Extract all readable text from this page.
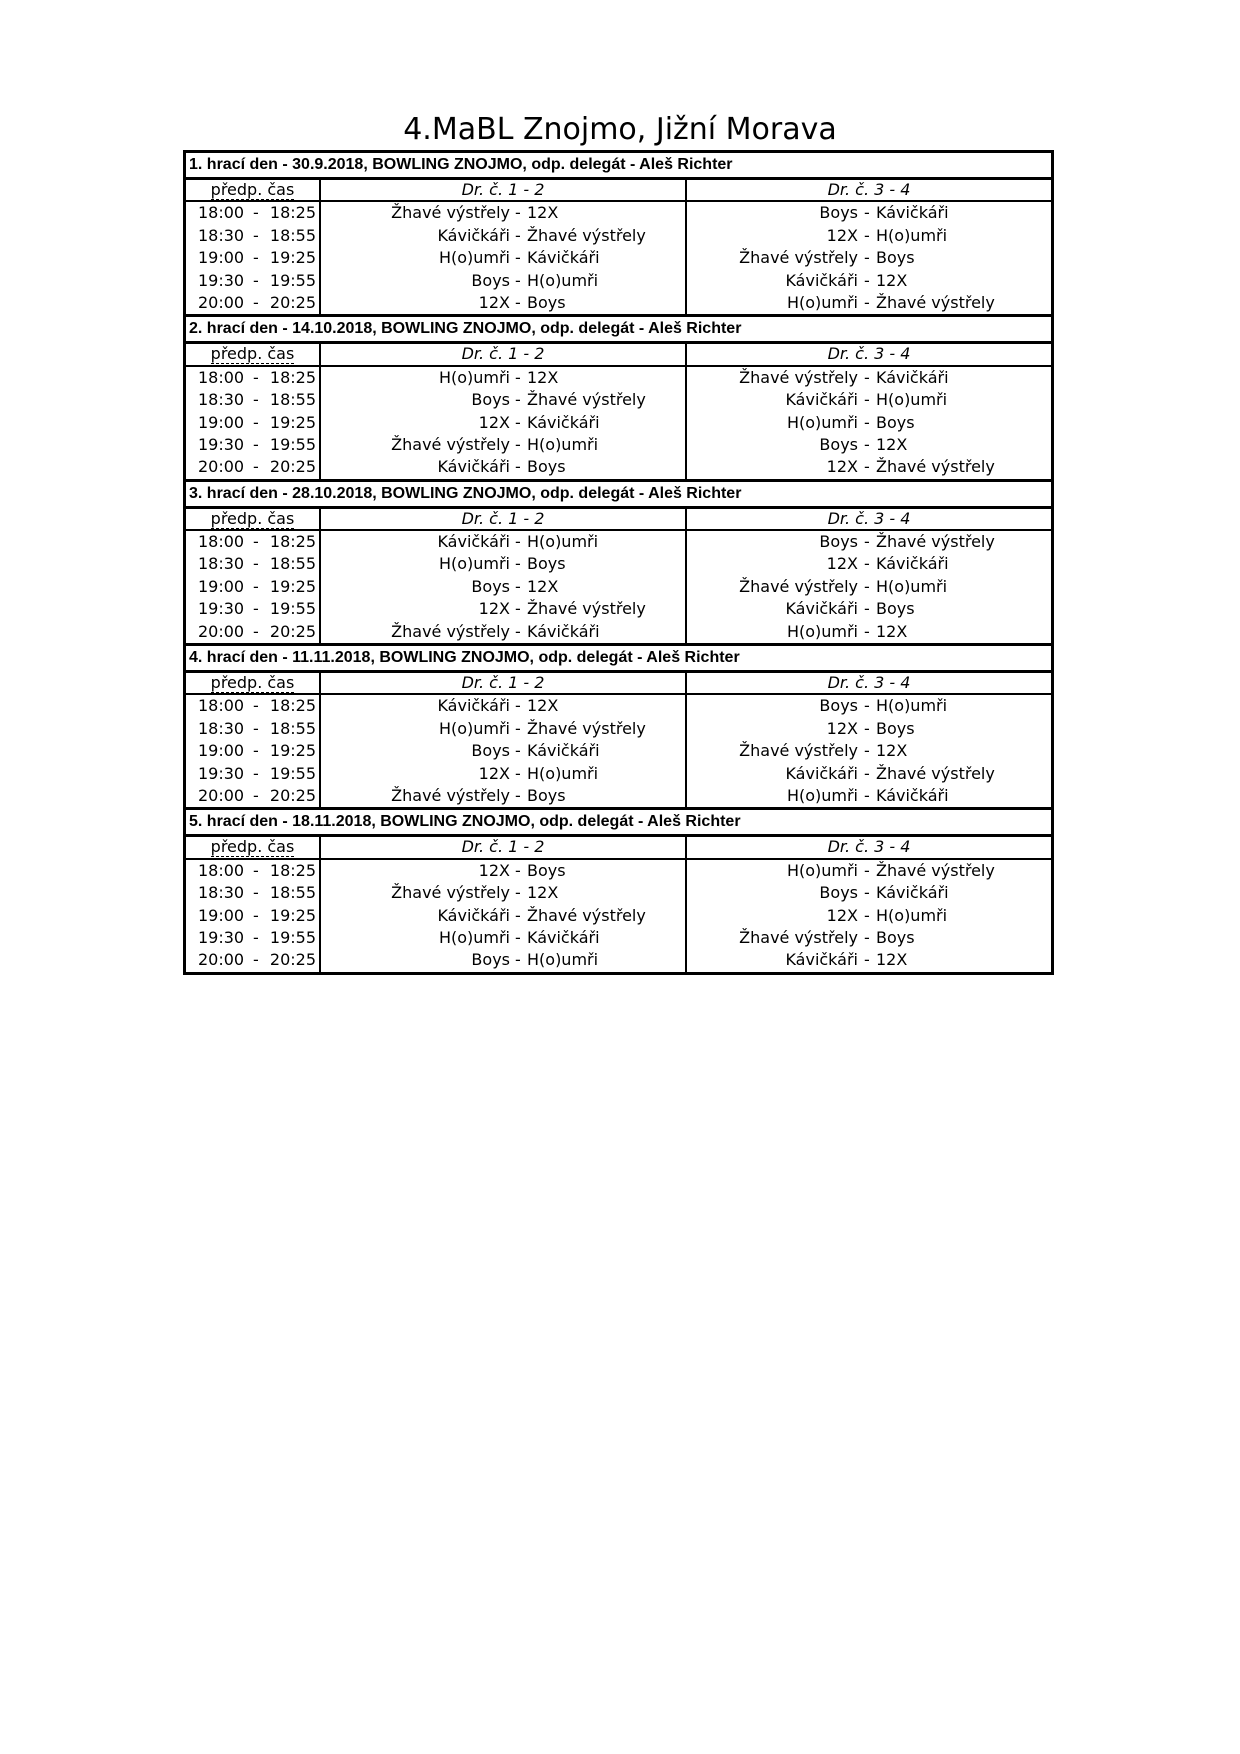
4.MaBL Znojmo, Jižní Morava
1. hrací den - 30.9.2018, BOWLING ZNOJMO, odp. delegát - Aleš Richter
předp. čas	Dr. č. 1 - 2	Dr. č. 3 - 4
18:00 - 18:25	Žhavé výstřely - 12X	Boys - Kávičkáři
18:30 - 18:55	Kávičkáři - Žhavé výstřely	12X - H(o)umři
19:00 - 19:25	H(o)umři - Kávičkáři	Žhavé výstřely - Boys
19:30 - 19:55	Boys - H(o)umři	Kávičkáři - 12X
20:00 - 20:25	12X - Boys	H(o)umři - Žhavé výstřely
2. hrací den - 14.10.2018, BOWLING ZNOJMO, odp. delegát - Aleš Richter
předp. čas	Dr. č. 1 - 2	Dr. č. 3 - 4
18:00 - 18:25	H(o)umři - 12X	Žhavé výstřely - Kávičkáři
18:30 - 18:55	Boys - Žhavé výstřely	Kávičkáři - H(o)umři
19:00 - 19:25	12X - Kávičkáři	H(o)umři - Boys
19:30 - 19:55	Žhavé výstřely - H(o)umři	Boys - 12X
20:00 - 20:25	Kávičkáři - Boys	12X - Žhavé výstřely
3. hrací den - 28.10.2018, BOWLING ZNOJMO, odp. delegát - Aleš Richter
předp. čas	Dr. č. 1 - 2	Dr. č. 3 - 4
18:00 - 18:25	Kávičkáři - H(o)umři	Boys - Žhavé výstřely
18:30 - 18:55	H(o)umři - Boys	12X - Kávičkáři
19:00 - 19:25	Boys - 12X	Žhavé výstřely - H(o)umři
19:30 - 19:55	12X - Žhavé výstřely	Kávičkáři - Boys
20:00 - 20:25	Žhavé výstřely - Kávičkáři	H(o)umři - 12X
4. hrací den - 11.11.2018, BOWLING ZNOJMO, odp. delegát - Aleš Richter
předp. čas	Dr. č. 1 - 2	Dr. č. 3 - 4
18:00 - 18:25	Kávičkáři - 12X	Boys - H(o)umři
18:30 - 18:55	H(o)umři - Žhavé výstřely	12X - Boys
19:00 - 19:25	Boys - Kávičkáři	Žhavé výstřely - 12X
19:30 - 19:55	12X - H(o)umři	Kávičkáři - Žhavé výstřely
20:00 - 20:25	Žhavé výstřely - Boys	H(o)umři - Kávičkáři
5. hrací den - 18.11.2018, BOWLING ZNOJMO, odp. delegát - Aleš Richter
předp. čas	Dr. č. 1 - 2	Dr. č. 3 - 4
18:00 - 18:25	12X - Boys	H(o)umři - Žhavé výstřely
18:30 - 18:55	Žhavé výstřely - 12X	Boys - Kávičkáři
19:00 - 19:25	Kávičkáři - Žhavé výstřely	12X - H(o)umři
19:30 - 19:55	H(o)umři - Kávičkáři	Žhavé výstřely - Boys
20:00 - 20:25	Boys - H(o)umři	Kávičkáři - 12X
